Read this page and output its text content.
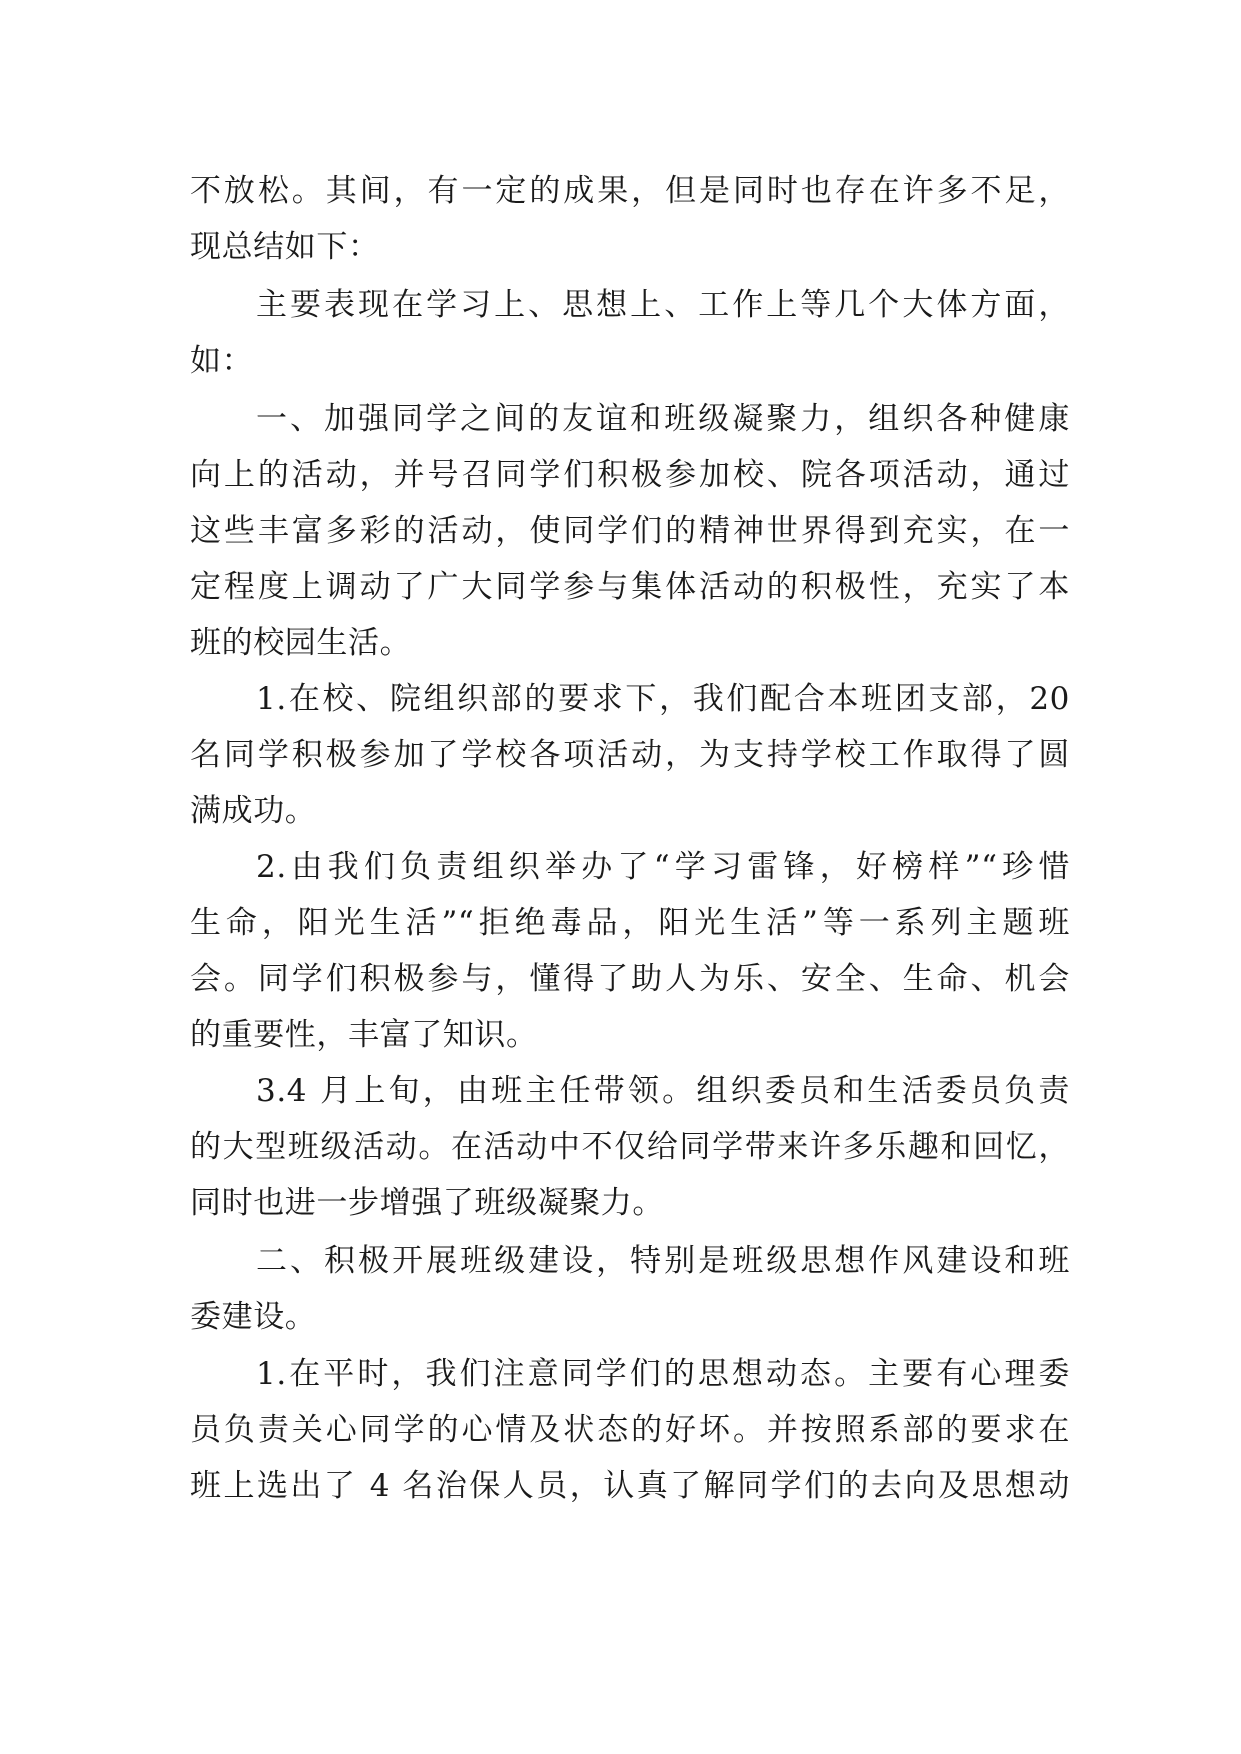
不放松。其间，有一定的成果，但是同时也存在许多不足，
现总结如下：
主要表现在学习上、思想上、工作上等几个大体方面，
如：
一、加强同学之间的友谊和班级凝聚力，组织各种健康
向上的活动，并号召同学们积极参加校、院各项活动，通过
这些丰富多彩的活动，使同学们的精神世界得到充实，在一
定程度上调动了广大同学参与集体活动的积极性，充实了本
班的校园生活。
1.在校、院组织部的要求下，我们配合本班团支部，20
名同学积极参加了学校各项活动，为支持学校工作取得了圆
满成功。
2.由我们负责组织举办了“学习雷锋，好榜样”“珍惜
生命，阳光生活”“拒绝毒品，阳光生活”等一系列主题班
会。同学们积极参与，懂得了助人为乐、安全、生命、机会
的重要性，丰富了知识。
3.4 月上旬，由班主任带领。组织委员和生活委员负责
的大型班级活动。在活动中不仅给同学带来许多乐趣和回忆，
同时也进一步增强了班级凝聚力。
二、积极开展班级建设，特别是班级思想作风建设和班
委建设。
1.在平时，我们注意同学们的思想动态。主要有心理委
员负责关心同学的心情及状态的好坏。并按照系部的要求在
班上选出了 4 名治保人员，认真了解同学们的去向及思想动
